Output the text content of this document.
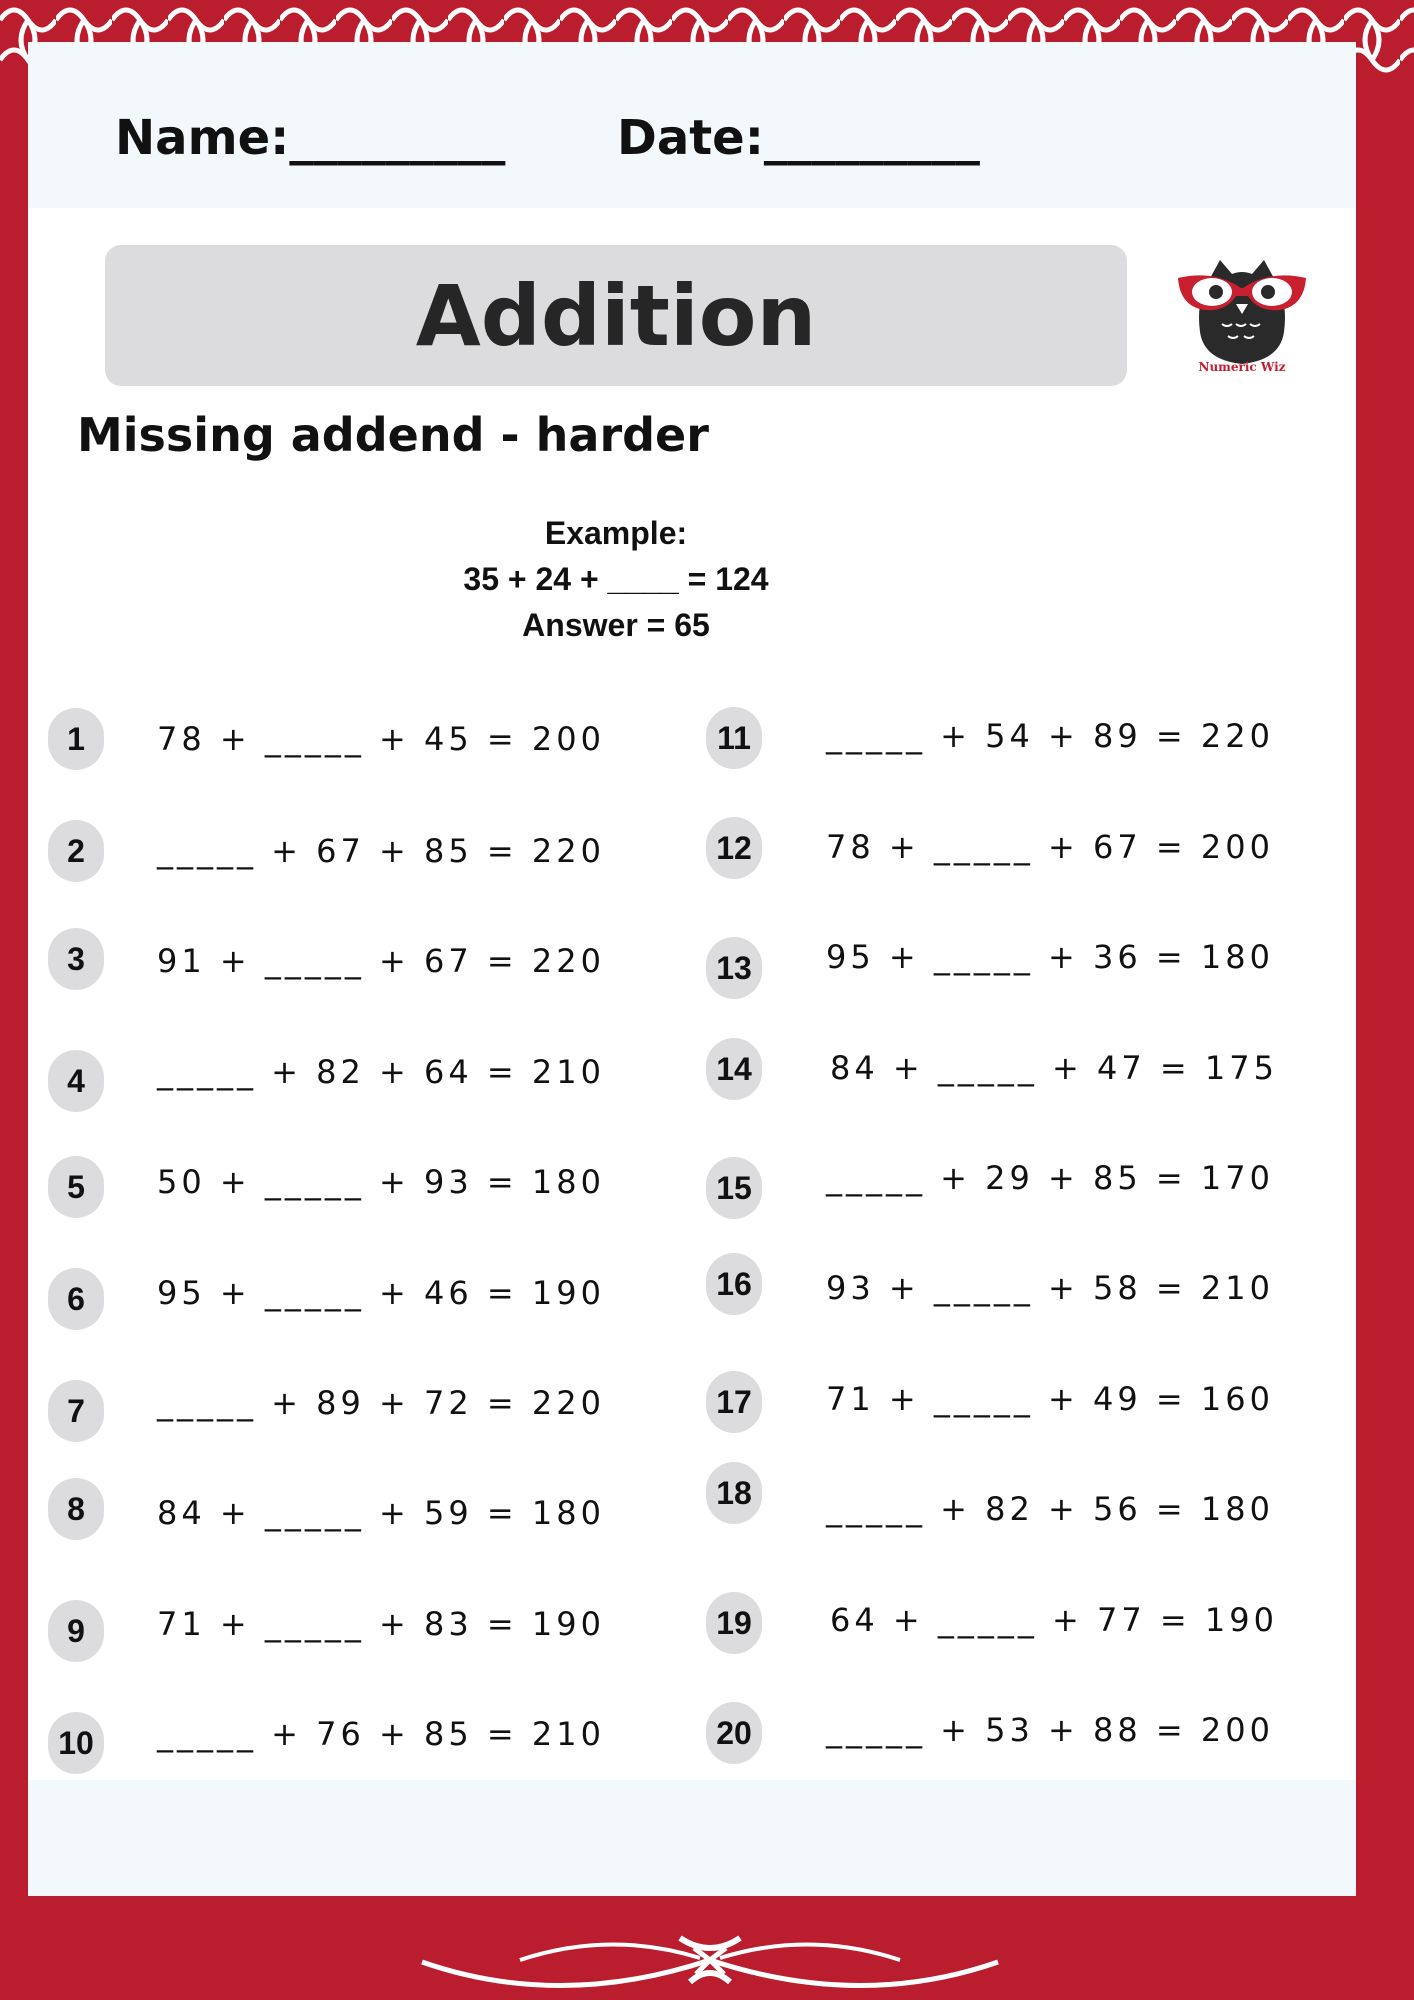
Name:_________ Date:_________
Addition
Numeric Wiz
Missing addend - harder
Example:
35 + 24 + ____ = 124
Answer = 65
1	78 + _____ + 45 = 200
2	_____ + 67 + 85 = 220
3	91 + _____ + 67 = 220
4	_____ + 82 + 64 = 210
5	50 + _____ + 93 = 180
6	95 + _____ + 46 = 190
7	_____ + 89 + 72 = 220
8	84 + _____ + 59 = 180
9	71 + _____ + 83 = 190
10	_____ + 76 + 85 = 210
11	_____ + 54 + 89 = 220
12	78 + _____ + 67 = 200
13	95 + _____ + 36 = 180
14	84 + _____ + 47 = 175
15	_____ + 29 + 85 = 170
16	93 + _____ + 58 = 210
17	71 + _____ + 49 = 160
18	_____ + 82 + 56 = 180
19	64 + _____ + 77 = 190
20	_____ + 53 + 88 = 200
